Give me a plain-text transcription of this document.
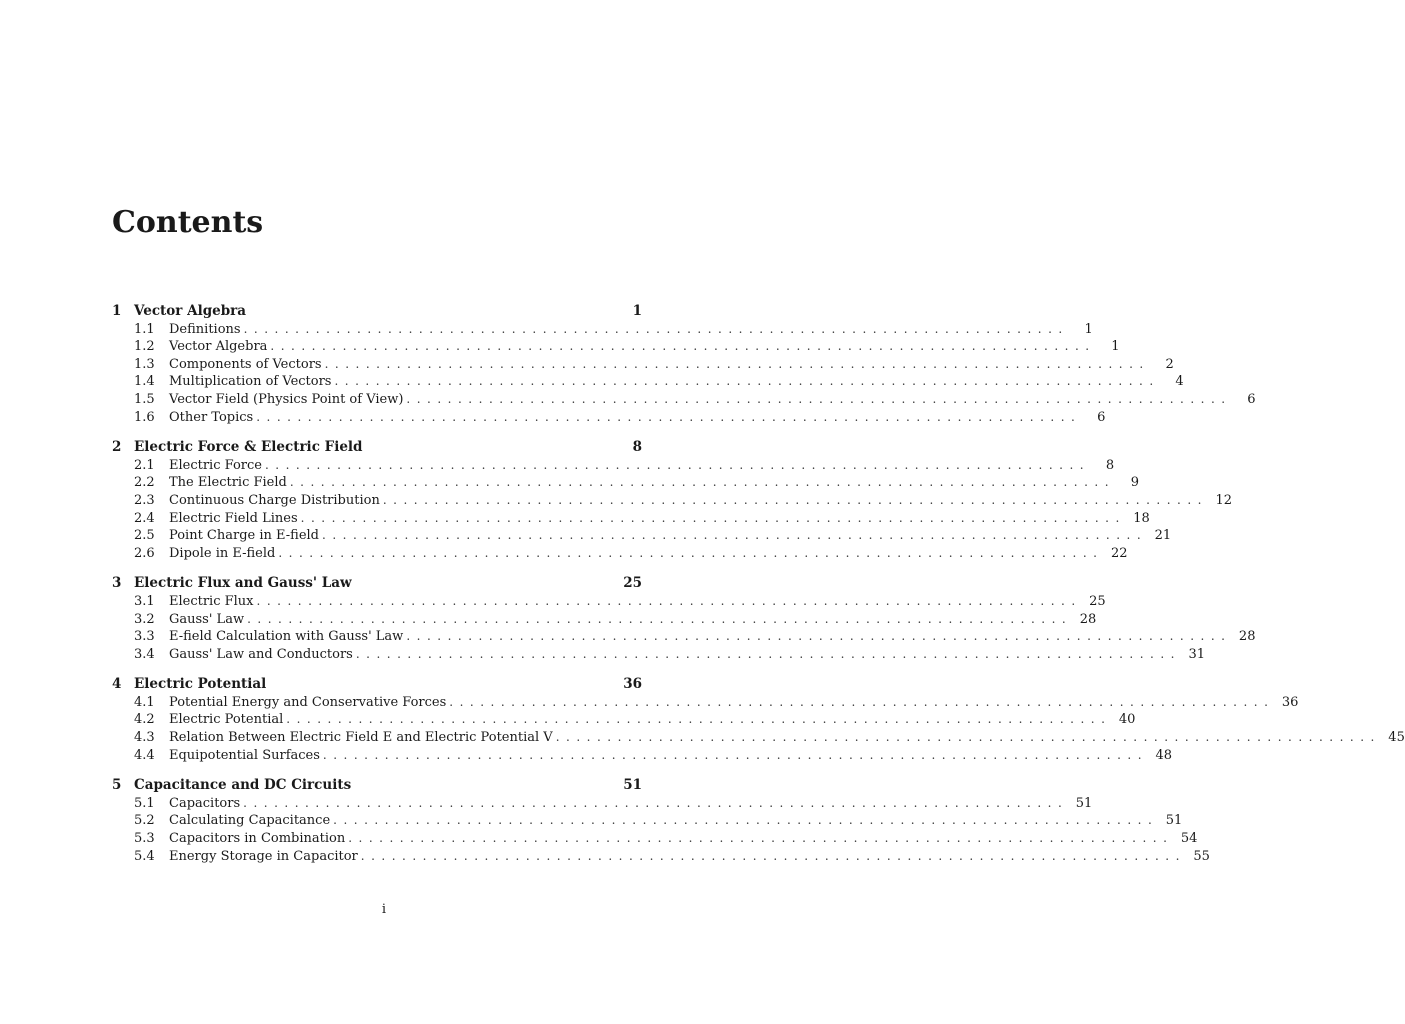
Contents
1 Vector Algebra	1
1.1	Definitions ................................................................................	1
1.2	Vector Algebra ................................................................................	1
1.3	Components of Vectors ................................................................................	2
1.4	Multiplication of Vectors ................................................................................	4
1.5	Vector Field (Physics Point of View) ................................................................................	6
1.6	Other Topics ................................................................................	6
2 Electric Force & Electric Field	8
2.1	Electric Force ................................................................................	8
2.2	The Electric Field ................................................................................	9
2.3	Continuous Charge Distribution ................................................................................ 12
2.4	Electric Field Lines ................................................................................ 18
2.5	Point Charge in E-field ................................................................................ 21
2.6	Dipole in E-field ................................................................................ 22
3 Electric Flux and Gauss' Law	25
3.1	Electric Flux ................................................................................ 25
3.2	Gauss' Law ................................................................................ 28
3.3	E-field Calculation with Gauss' Law ................................................................................ 28
3.4	Gauss' Law and Conductors ................................................................................ 31
4 Electric Potential	36
4.1	Potential Energy and Conservative Forces ................................................................................ 36
4.2	Electric Potential ................................................................................ 40
4.3	Relation Between Electric Field E and Electric Potential V ................................................................................ 45
4.4	Equipotential Surfaces ................................................................................ 48
5 Capacitance and DC Circuits	51
5.1	Capacitors ................................................................................ 51
5.2	Calculating Capacitance ................................................................................ 51
5.3	Capacitors in Combination ................................................................................ 54
5.4	Energy Storage in Capacitor ................................................................................ 55
i
